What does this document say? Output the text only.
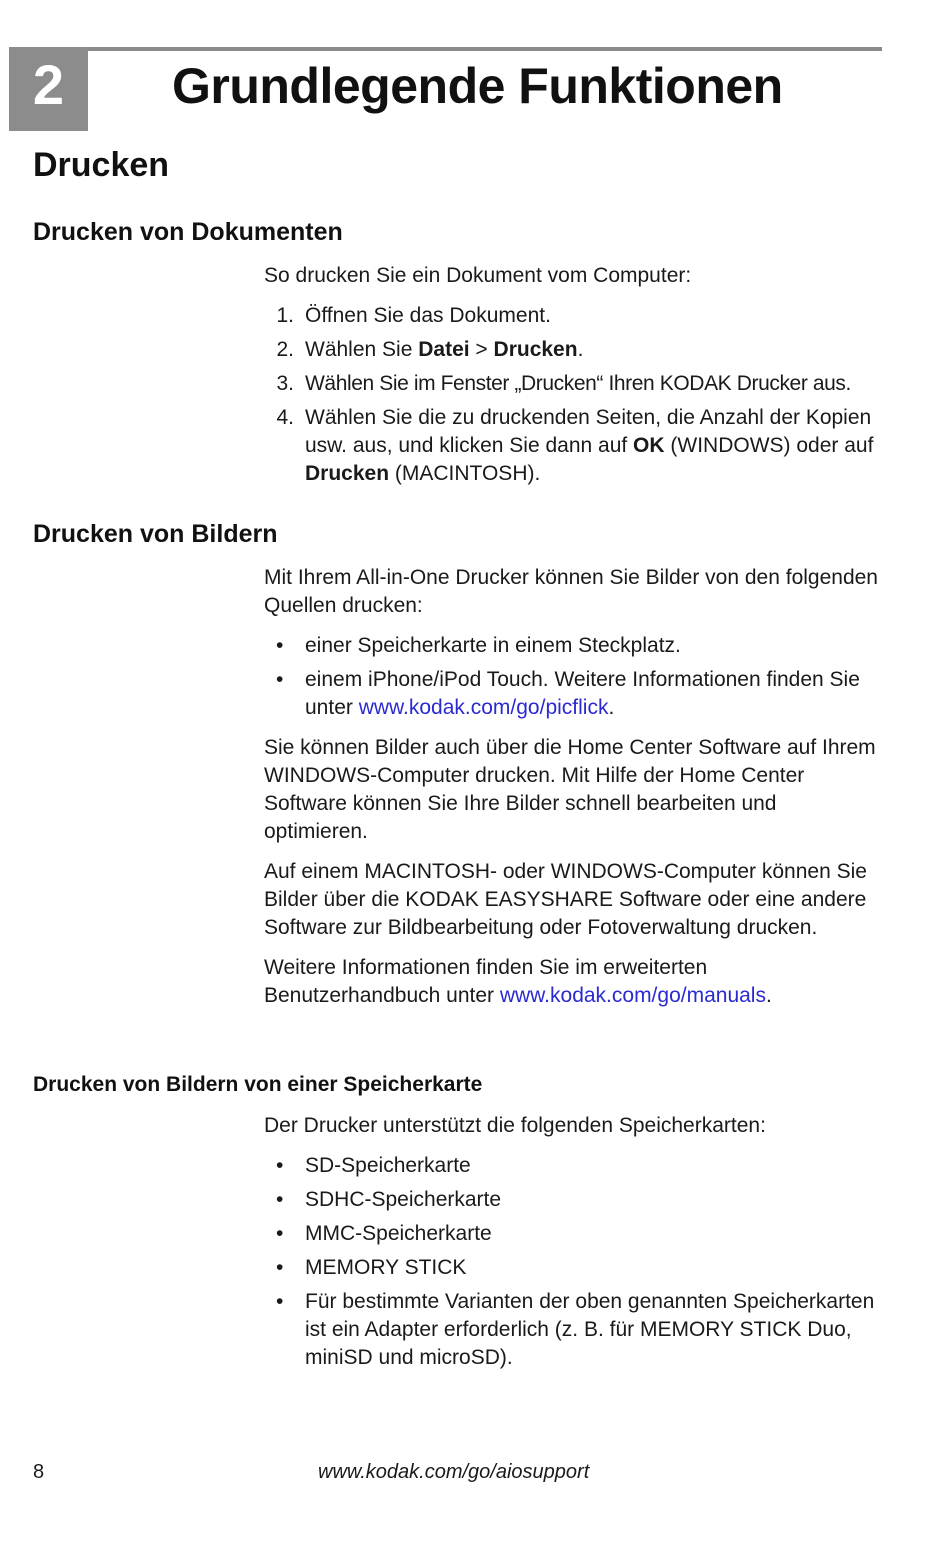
2	Grundlegende Funktionen
Drucken
Drucken von Dokumenten

So drucken Sie ein Dokument vom Computer:

1. Öffnen Sie das Dokument.
2. Wählen Sie Datei > Drucken.
3. Wählen Sie im Fenster „Drucken“ Ihren KODAK Drucker aus.
4. Wählen Sie die zu druckenden Seiten, die Anzahl der Kopien usw. aus, und klicken Sie dann auf OK (WINDOWS) oder auf Drucken (MACINTOSH).
Drucken von Bildern

Mit Ihrem All-in-One Drucker können Sie Bilder von den folgenden Quellen drucken:

• einer Speicherkarte in einem Steckplatz.
• einem iPhone/iPod Touch. Weitere Informationen finden Sie unter www.kodak.com/go/picflick.

Sie können Bilder auch über die Home Center Software auf Ihrem WINDOWS-Computer drucken. Mit Hilfe der Home Center Software können Sie Ihre Bilder schnell bearbeiten und optimieren.

Auf einem MACINTOSH- oder WINDOWS-Computer können Sie Bilder über die KODAK EASYSHARE Software oder eine andere Software zur Bildbearbeitung oder Fotoverwaltung drucken.

Weitere Informationen finden Sie im erweiterten Benutzerhandbuch unter www.kodak.com/go/manuals.

Drucken von Bildern von einer Speicherkarte

Der Drucker unterstützt die folgenden Speicherkarten:

• SD-Speicherkarte
• SDHC-Speicherkarte
• MMC-Speicherkarte
• MEMORY STICK
• Für bestimmte Varianten der oben genannten Speicherkarten ist ein Adapter erforderlich (z. B. für MEMORY STICK Duo, miniSD und microSD).
8	www.kodak.com/go/aiosupport
